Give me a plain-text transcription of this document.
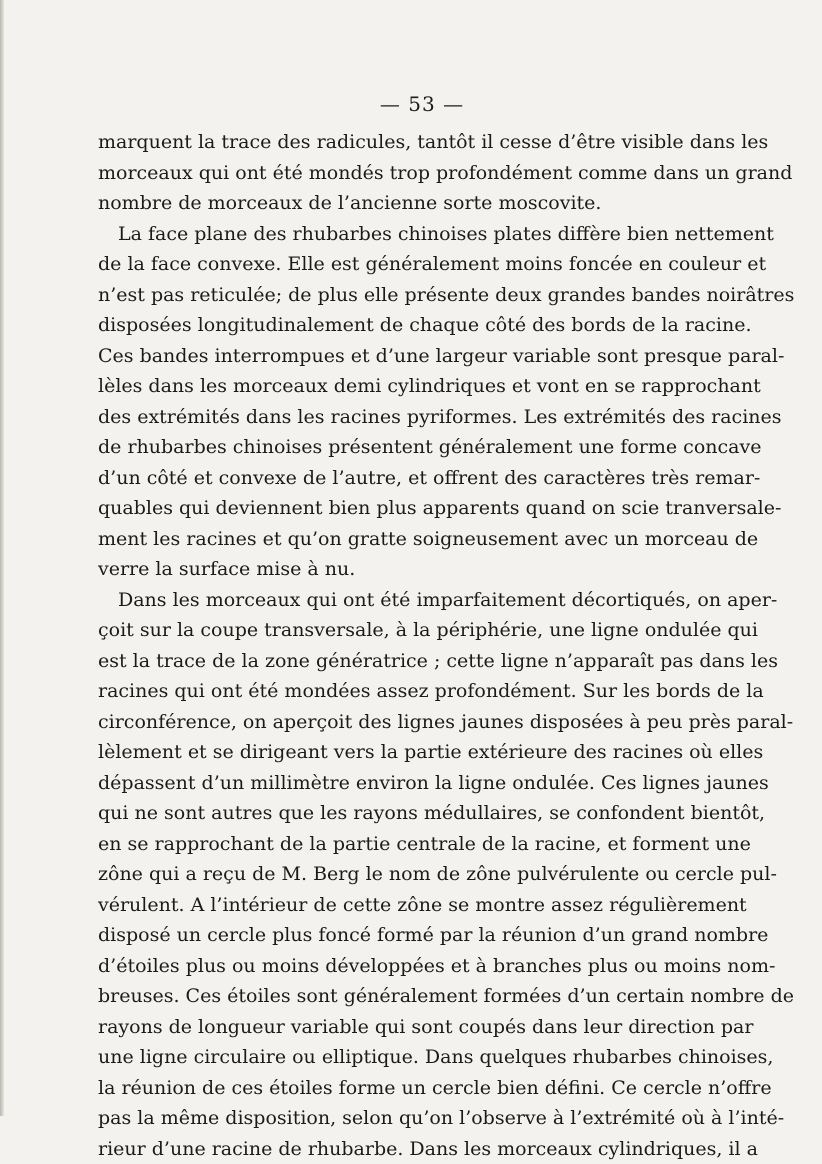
— 53 —
marquent la trace des radicules, tantôt il cesse d’être visible dans les
morceaux qui ont été mondés trop profondément comme dans un grand
nombre de morceaux de l’ancienne sorte moscovite.
La face plane des rhubarbes chinoises plates diffère bien nettement
de la face convexe. Elle est généralement moins foncée en couleur et
n’est pas reticulée; de plus elle présente deux grandes bandes noirâtres
disposées longitudinalement de chaque côté des bords de la racine.
Ces bandes interrompues et d’une largeur variable sont presque paral-
lèles dans les morceaux demi cylindriques et vont en se rapprochant
des extrémités dans les racines pyriformes. Les extrémités des racines
de rhubarbes chinoises présentent généralement une forme concave
d’un côté et convexe de l’autre, et offrent des caractères très remar-
quables qui deviennent bien plus apparents quand on scie tranversale-
ment les racines et qu’on gratte soigneusement avec un morceau de
verre la surface mise à nu.
Dans les morceaux qui ont été imparfaitement décortiqués, on aper-
çoit sur la coupe transversale, à la périphérie, une ligne ondulée qui
est la trace de la zone génératrice ; cette ligne n’apparaît pas dans les
racines qui ont été mondées assez profondément. Sur les bords de la
circonférence, on aperçoit des lignes jaunes disposées à peu près paral-
lèlement et se dirigeant vers la partie extérieure des racines où elles
dépassent d’un millimètre environ la ligne ondulée. Ces lignes jaunes
qui ne sont autres que les rayons médullaires, se confondent bientôt,
en se rapprochant de la partie centrale de la racine, et forment une
zône qui a reçu de M. Berg le nom de zône pulvérulente ou cercle pul-
vérulent. A l’intérieur de cette zône se montre assez régulièrement
disposé un cercle plus foncé formé par la réunion d’un grand nombre
d’étoiles plus ou moins développées et à branches plus ou moins nom-
breuses. Ces étoiles sont généralement formées d’un certain nombre de
rayons de longueur variable qui sont coupés dans leur direction par
une ligne circulaire ou elliptique. Dans quelques rhubarbes chinoises,
la réunion de ces étoiles forme un cercle bien défini. Ce cercle n’offre
pas la même disposition, selon qu’on l’observe à l’extrémité où à l’inté-
rieur d’une racine de rhubarbe. Dans les morceaux cylindriques, il a
